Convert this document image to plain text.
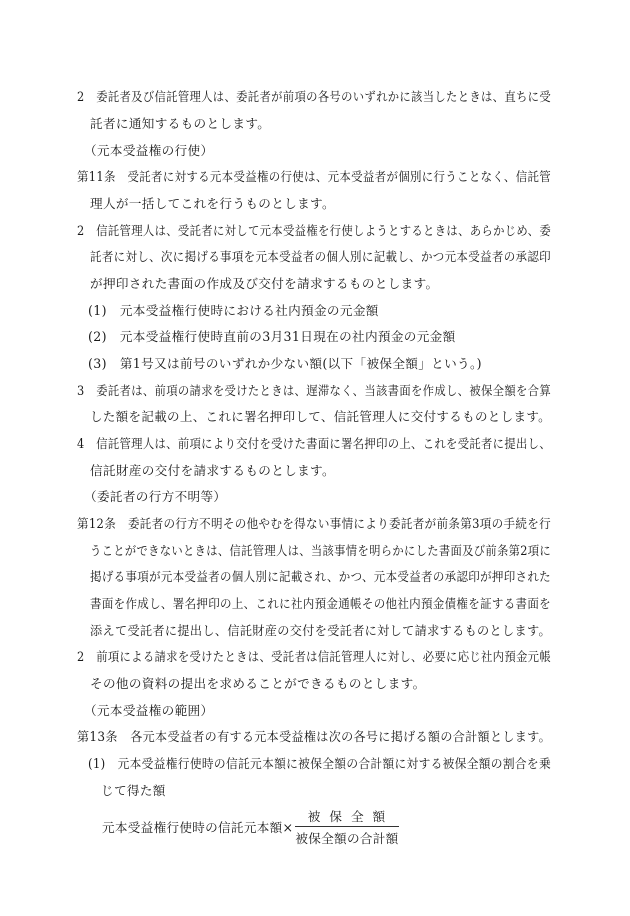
2　委託者及び信託管理人は、委託者が前項の各号のいずれかに該当したときは、直ちに受
託者に通知するものとします。
（元本受益権の行使）
第11条　受託者に対する元本受益権の行使は、元本受益者が個別に行うことなく、信託管
理人が一括してこれを行うものとします。
2　信託管理人は、受託者に対して元本受益権を行使しようとするときは、あらかじめ、委
託者に対し、次に掲げる事項を元本受益者の個人別に記載し、かつ元本受益者の承認印
が押印された書面の作成及び交付を請求するものとします。
(1)　元本受益権行使時における社内預金の元金額
(2)　元本受益権行使時直前の3月31日現在の社内預金の元金額
(3)　第1号又は前号のいずれか少ない額(以下「被保全額」という。)
3　委託者は、前項の請求を受けたときは、遅滞なく、当該書面を作成し、被保全額を合算
した額を記載の上、これに署名押印して、信託管理人に交付するものとします。
4　信託管理人は、前項により交付を受けた書面に署名押印の上、これを受託者に提出し、
信託財産の交付を請求するものとします。
（委託者の行方不明等）
第12条　委託者の行方不明その他やむを得ない事情により委託者が前条第3項の手続を行
うことができないときは、信託管理人は、当該事情を明らかにした書面及び前条第2項に
掲げる事項が元本受益者の個人別に記載され、かつ、元本受益者の承認印が押印された
書面を作成し、署名押印の上、これに社内預金通帳その他社内預金債権を証する書面を
添えて受託者に提出し、信託財産の交付を受託者に対して請求するものとします。
2　前項による請求を受けたときは、受託者は信託管理人に対し、必要に応じ社内預金元帳
その他の資料の提出を求めることができるものとします。
（元本受益権の範囲）
第13条　各元本受益者の有する元本受益権は次の各号に掲げる額の合計額とします。
(1)　元本受益権行使時の信託元本額に被保全額の合計額に対する被保全額の割合を乗
じて得た額
元本受益権行使時の信託元本額× $\frac{\text{被保全額}}{\text{被保全額の合計額}}$
